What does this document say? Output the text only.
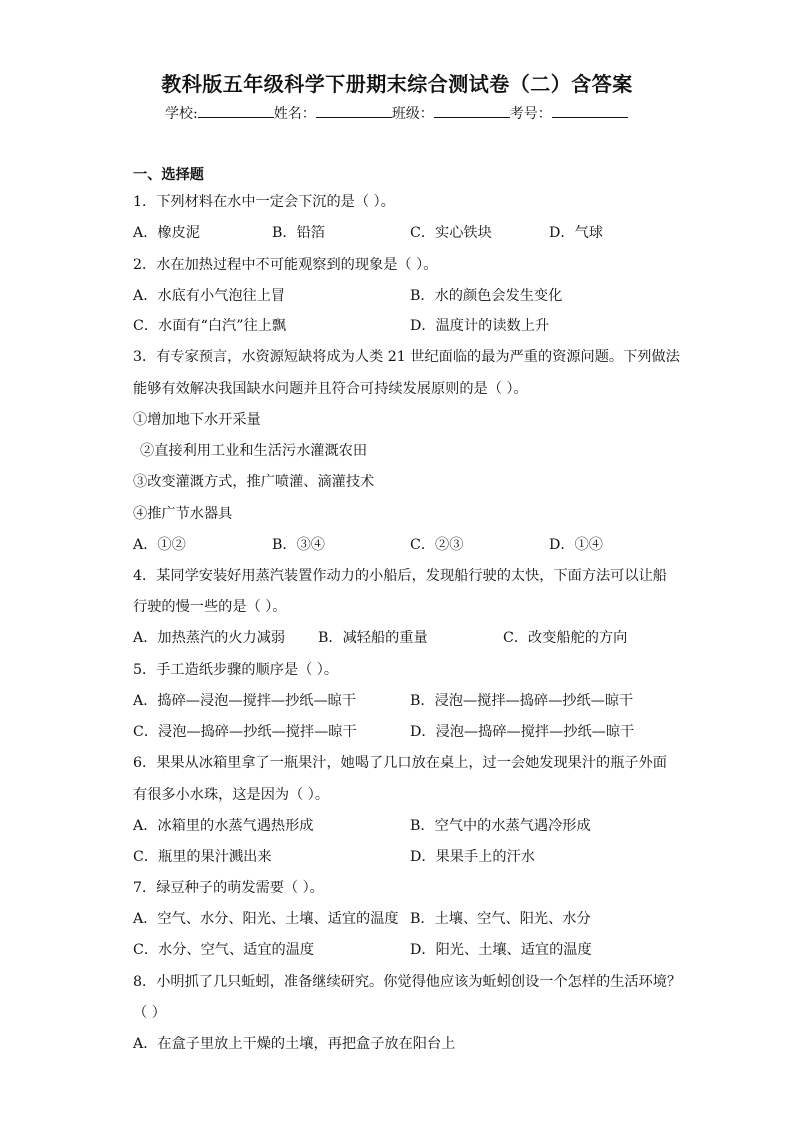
教科版五年级科学下册期末综合测试卷（二）含答案
学校:	姓名：	班级：	考号：
一、选择题
1．下列材料在水中一定会下沉的是（ ）。
A．橡皮泥	B．铅箔	C．实心铁块	D．气球
2．水在加热过程中不可能观察到的现象是（ ）。
A．水底有小气泡往上冒	B．水的颜色会发生变化
C．水面有“白汽”往上飘	D．温度计的读数上升
3．有专家预言，水资源短缺将成为人类 21 世纪面临的最为严重的资源问题。下列做法
能够有效解决我国缺水问题并且符合可持续发展原则的是（ ）。
①增加地下水开采量
②直接利用工业和生活污水灌溉农田
③改变灌溉方式，推广喷灌、滴灌技术
④推广节水器具
A．①②	B．③④	C．②③	D．①④
4．某同学安装好用蒸汽装置作动力的小船后，发现船行驶的太快，下面方法可以让船
行驶的慢一些的是（ ）。
A．加热蒸汽的火力减弱 B．减轻船的重量	C．改变船舵的方向
5．手工造纸步骤的顺序是（ ）。
A．捣碎—浸泡—搅拌—抄纸—晾干	B．浸泡—搅拌—捣碎—抄纸—晾干
C．浸泡—捣碎—抄纸—搅拌—晾干	D．浸泡—捣碎—搅拌—抄纸—晾干
6．果果从冰箱里拿了一瓶果汁，她喝了几口放在桌上，过一会她发现果汁的瓶子外面
有很多小水珠，这是因为（ ）。
A．冰箱里的水蒸气遇热形成	B．空气中的水蒸气遇冷形成
C．瓶里的果汁溅出来	D．果果手上的汗水
7．绿豆种子的萌发需要（ ）。
A．空气、水分、阳光、土壤、适宜的温度 B．土壤、空气、阳光、水分
C．水分、空气、适宜的温度	D．阳光、土壤、适宜的温度
8．小明抓了几只蚯蚓，准备继续研究。你觉得他应该为蚯蚓创设一个怎样的生活环境？
（ ）
A．在盒子里放上干燥的土壤，再把盒子放在阳台上
